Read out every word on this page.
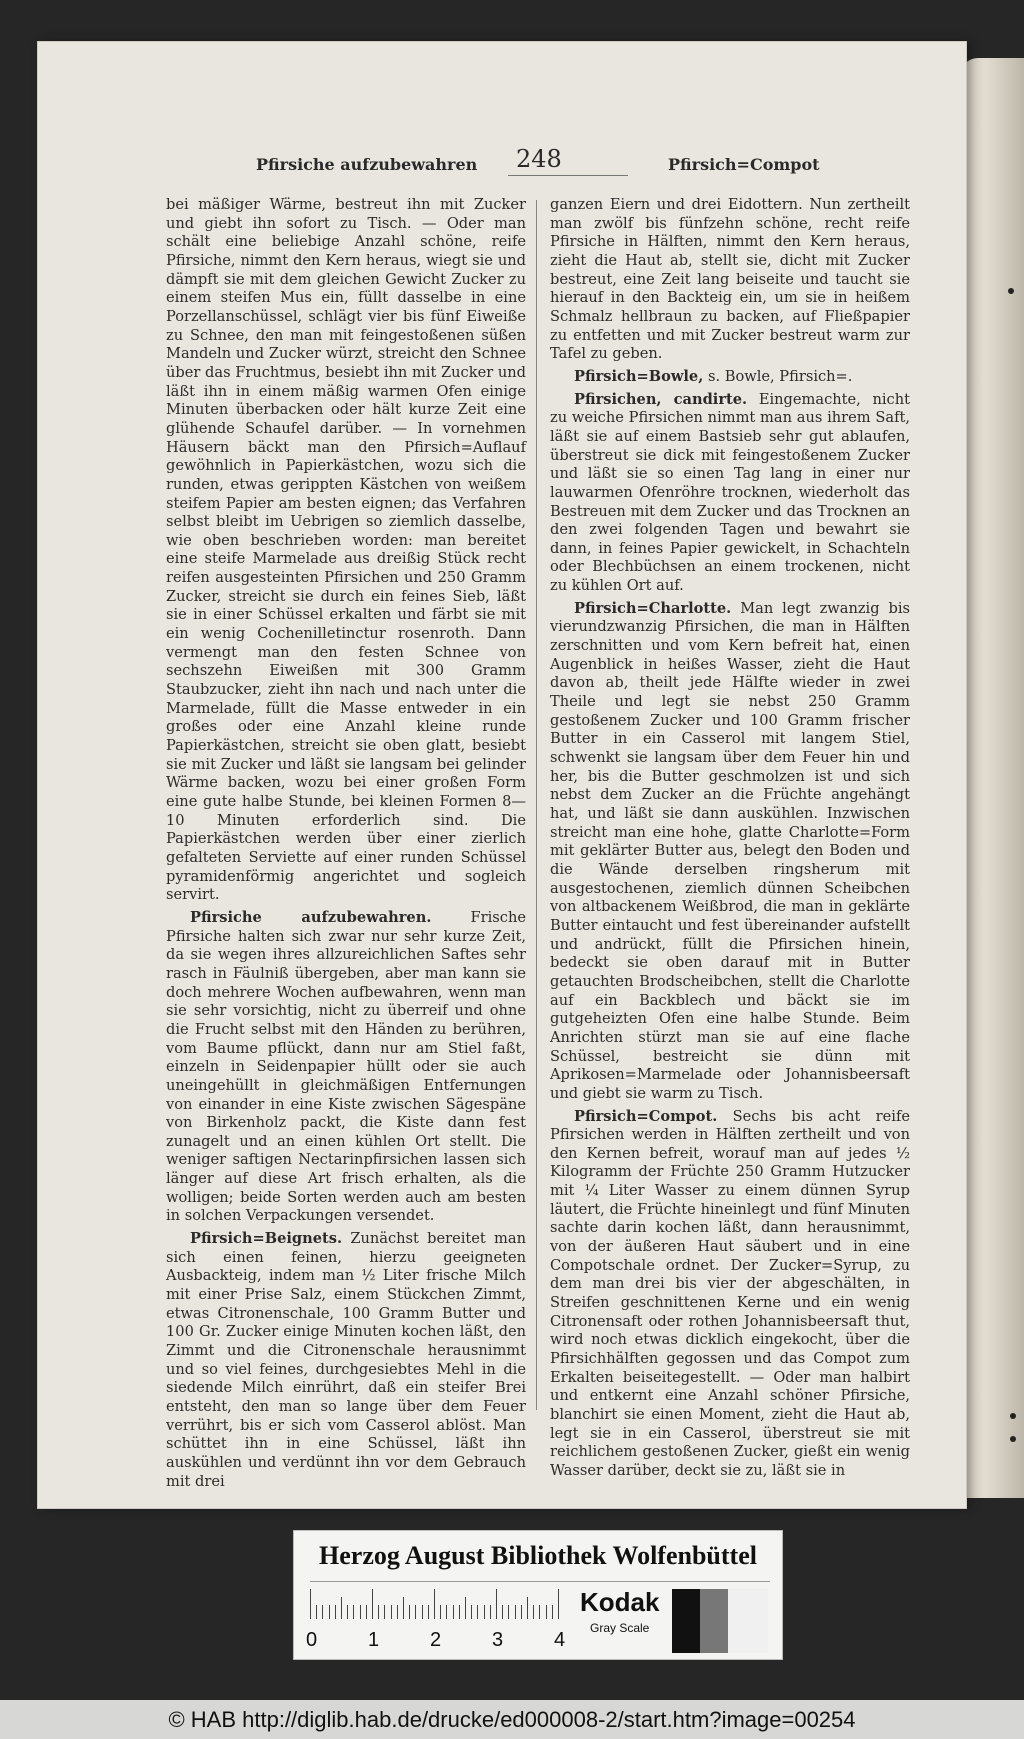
Pfirsiche aufzubewahren 248	Pfirsich=Compot

bei mäßiger Wärme, bestreut ihn mit Zucker und giebt ihn sofort zu Tisch. — Oder man schält eine beliebige Anzahl schöne, reife Pfirsiche, nimmt den Kern heraus, wiegt sie und dämpft sie mit dem gleichen Gewicht Zucker zu einem steifen Mus ein, füllt dasselbe in eine Porzellanschüssel, schlägt vier bis fünf Eiweiße zu Schnee, den man mit feingestoßenen süßen Mandeln und Zucker würzt, streicht den Schnee über das Fruchtmus, besiebt ihn mit Zucker und läßt ihn in einem mäßig warmen Ofen einige Minuten überbacken oder hält kurze Zeit eine glühende Schaufel darüber. — In vornehmen Häusern bäckt man den Pfirsich=Auflauf gewöhnlich in Papierkästchen, wozu sich die runden, etwas gerippten Kästchen von weißem steifem Papier am besten eignen; das Verfahren selbst bleibt im Uebrigen so ziemlich dasselbe, wie oben beschrieben worden: man bereitet eine steife Marmelade aus dreißig Stück recht reifen ausgesteinten Pfirsichen und 250 Gramm Zucker, streicht sie durch ein feines Sieb, läßt sie in einer Schüssel erkalten und färbt sie mit ein wenig Cochenilletinctur rosenroth. Dann vermengt man den festen Schnee von sechszehn Eiweißen mit 300 Gramm Staubzucker, zieht ihn nach und nach unter die Marmelade, füllt die Masse entweder in ein großes oder eine Anzahl kleine runde Papierkästchen, streicht sie oben glatt, besiebt sie mit Zucker und läßt sie langsam bei gelinder Wärme backen, wozu bei einer großen Form eine gute halbe Stunde, bei kleinen Formen 8—10 Minuten erforderlich sind. Die Papierkästchen werden über einer zierlich gefalteten Serviette auf einer runden Schüssel pyramidenförmig angerichtet und sogleich servirt.

Pfirsiche aufzubewahren. Frische Pfirsiche halten sich zwar nur sehr kurze Zeit, da sie wegen ihres allzureichlichen Saftes sehr rasch in Fäulniß übergeben, aber man kann sie doch mehrere Wochen aufbewahren, wenn man sie sehr vorsichtig, nicht zu überreif und ohne die Frucht selbst mit den Händen zu berühren, vom Baume pflückt, dann nur am Stiel faßt, einzeln in Seidenpapier hüllt oder sie auch uneingehüllt in gleichmäßigen Entfernungen von einander in eine Kiste zwischen Sägespäne von Birkenholz packt, die Kiste dann fest zunagelt und an einen kühlen Ort stellt. Die weniger saftigen Nectarinpfirsichen lassen sich länger auf diese Art frisch erhalten, als die wolligen; beide Sorten werden auch am besten in solchen Verpackungen versendet.

Pfirsich=Beignets. Zunächst bereitet man sich einen feinen, hierzu geeigneten Ausbackteig, indem man ½ Liter frische Milch mit einer Prise Salz, einem Stückchen Zimmt, etwas Citronenschale, 100 Gramm Butter und 100 Gr. Zucker einige Minuten kochen läßt, den Zimmt und die Citronenschale herausnimmt und so viel feines, durchgesiebtes Mehl in die siedende Milch einrührt, daß ein steifer Brei entsteht, den man so lange über dem Feuer verrührt, bis er sich vom Casserol ablöst. Man schüttet ihn in eine Schüssel, läßt ihn auskühlen und verdünnt ihn vor dem Gebrauch mit drei

ganzen Eiern und drei Eidottern. Nun zertheilt man zwölf bis fünfzehn schöne, recht reife Pfirsiche in Hälften, nimmt den Kern heraus, zieht die Haut ab, stellt sie, dicht mit Zucker bestreut, eine Zeit lang beiseite und taucht sie hierauf in den Backteig ein, um sie in heißem Schmalz hellbraun zu backen, auf Fließpapier zu entfetten und mit Zucker bestreut warm zur Tafel zu geben.

Pfirsich=Bowle, s. Bowle, Pfirsich=.

Pfirsichen, candirte. Eingemachte, nicht zu weiche Pfirsichen nimmt man aus ihrem Saft, läßt sie auf einem Bastsieb sehr gut ablaufen, überstreut sie dick mit feingestoßenem Zucker und läßt sie so einen Tag lang in einer nur lauwarmen Ofenröhre trocknen, wiederholt das Bestreuen mit dem Zucker und das Trocknen an den zwei folgenden Tagen und bewahrt sie dann, in feines Papier gewickelt, in Schachteln oder Blechbüchsen an einem trockenen, nicht zu kühlen Ort auf.

Pfirsich=Charlotte. Man legt zwanzig bis vierundzwanzig Pfirsichen, die man in Hälften zerschnitten und vom Kern befreit hat, einen Augenblick in heißes Wasser, zieht die Haut davon ab, theilt jede Hälfte wieder in zwei Theile und legt sie nebst 250 Gramm gestoßenem Zucker und 100 Gramm frischer Butter in ein Casserol mit langem Stiel, schwenkt sie langsam über dem Feuer hin und her, bis die Butter geschmolzen ist und sich nebst dem Zucker an die Früchte angehängt hat, und läßt sie dann auskühlen. Inzwischen streicht man eine hohe, glatte Charlotte=Form mit geklärter Butter aus, belegt den Boden und die Wände derselben ringsherum mit ausgestochenen, ziemlich dünnen Scheibchen von altbackenem Weißbrod, die man in geklärte Butter eintaucht und fest übereinander aufstellt und andrückt, füllt die Pfirsichen hinein, bedeckt sie oben darauf mit in Butter getauchten Brodscheibchen, stellt die Charlotte auf ein Backblech und bäckt sie im gutgeheizten Ofen eine halbe Stunde. Beim Anrichten stürzt man sie auf eine flache Schüssel, bestreicht sie dünn mit Aprikosen=Marmelade oder Johannisbeersaft und giebt sie warm zu Tisch.

Pfirsich=Compot. Sechs bis acht reife Pfirsichen werden in Hälften zertheilt und von den Kernen befreit, worauf man auf jedes ½ Kilogramm der Früchte 250 Gramm Hutzucker mit ¼ Liter Wasser zu einem dünnen Syrup läutert, die Früchte hineinlegt und fünf Minuten sachte darin kochen läßt, dann herausnimmt, von der äußeren Haut säubert und in eine Compotschale ordnet. Der Zucker=Syrup, zu dem man drei bis vier der abgeschälten, in Streifen geschnittenen Kerne und ein wenig Citronensaft oder rothen Johannisbeersaft thut, wird noch etwas dicklich eingekocht, über die Pfirsichhälften gegossen und das Compot zum Erkalten beiseitegestellt. — Oder man halbirt und entkernt eine Anzahl schöner Pfirsiche, blanchirt sie einen Moment, zieht die Haut ab, legt sie in ein Casserol, überstreut sie mit reichlichem gestoßenen Zucker, gießt ein wenig Wasser darüber, deckt sie zu, läßt sie in

Herzog August Bibliothek Wolfenbüttel
0	1	2	3	4
Kodak
Gray Scale
© HAB http://diglib.hab.de/drucke/ed000008-2/start.htm?image=00254
